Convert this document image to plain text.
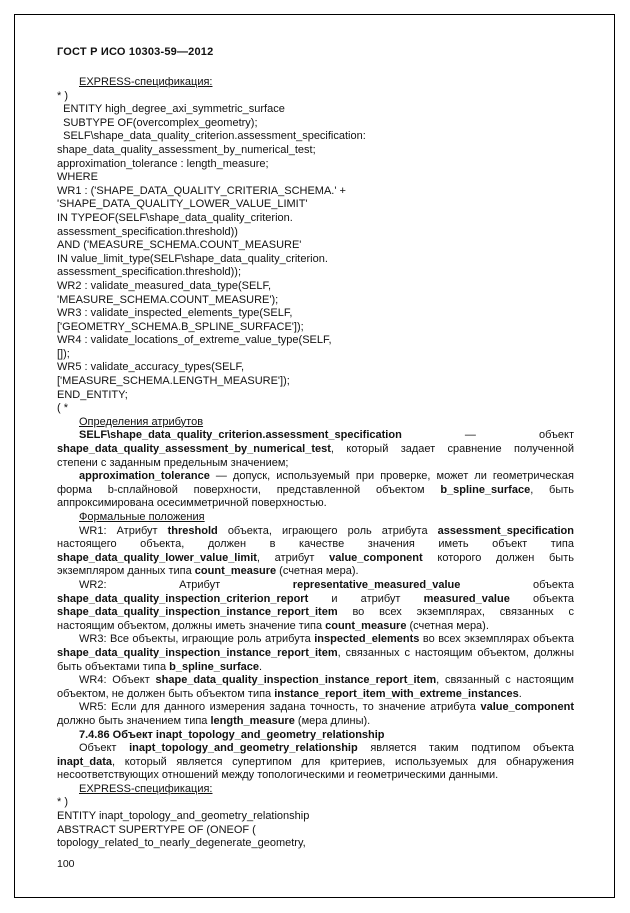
ГОСТ Р ИСО 10303-59—2012
EXPRESS-спецификация:
* )
ENTITY high_degree_axi_symmetric_surface
SUBTYPE OF(overcomplex_geometry);
SELF\shape_data_quality_criterion.assessment_specification:
shape_data_quality_assessment_by_numerical_test;
approximation_tolerance : length_measure;
WHERE
WR1 : ('SHAPE_DATA_QUALITY_CRITERIA_SCHEMA.' +
'SHAPE_DATA_QUALITY_LOWER_VALUE_LIMIT'
IN TYPEOF(SELF\shape_data_quality_criterion.
assessment_specification.threshold))
AND ('MEASURE_SCHEMA.COUNT_MEASURE'
IN value_limit_type(SELF\shape_data_quality_criterion.
assessment_specification.threshold));
WR2 : validate_measured_data_type(SELF,
'MEASURE_SCHEMA.COUNT_MEASURE');
WR3 : validate_inspected_elements_type(SELF,
['GEOMETRY_SCHEMA.B_SPLINE_SURFACE']);
WR4 : validate_locations_of_extreme_value_type(SELF,
[]);
WR5 : validate_accuracy_types(SELF,
['MEASURE_SCHEMA.LENGTH_MEASURE']);
END_ENTITY;
( *
Определения атрибутов

SELF\shape_data_quality_criterion.assessment_specification — объект shape_data_quality_assessment_by_numerical_test, который задает сравнение полученной степени с заданным предельным значением;

approximation_tolerance — допуск, используемый при проверке, может ли геометрическая форма b-сплайновой поверхности, представленной объектом b_spline_surface, быть аппроксимирована осесимметричной поверхностью.

Формальные положения

WR1: Атрибут threshold объекта, играющего роль атрибута assessment_specification настоящего объекта, должен в качестве значения иметь объект типа shape_data_quality_lower_value_limit, атрибут value_component которого должен быть экземпляром данных типа count_measure (счетная мера).

WR2: Атрибут representative_measured_value объекта shape_data_quality_inspection_criterion_report и атрибут measured_value объекта shape_data_quality_inspection_instance_report_item во всех экземплярах, связанных с настоящим объектом, должны иметь значение типа count_measure (счетная мера).

WR3: Все объекты, играющие роль атрибута inspected_elements во всех экземплярах объекта shape_data_quality_inspection_instance_report_item, связанных с настоящим объектом, должны быть объектами типа b_spline_surface.

WR4: Объект shape_data_quality_inspection_instance_report_item, связанный с настоящим объектом, не должен быть объектом типа instance_report_item_with_extreme_instances.

WR5: Если для данного измерения задана точность, то значение атрибута value_component должно быть значением типа length_measure (мера длины).

7.4.86 Объект inapt_topology_and_geometry_relationship

Объект inapt_topology_and_geometry_relationship является таким подтипом объекта inapt_data, который является супертипом для критериев, используемых для обнаружения несоответствующих отношений между топологическими и геометрическими данными.

EXPRESS-спецификация:
* )
ENTITY inapt_topology_and_geometry_relationship
ABSTRACT SUPERTYPE OF (ONEOF (
topology_related_to_nearly_degenerate_geometry,
100
